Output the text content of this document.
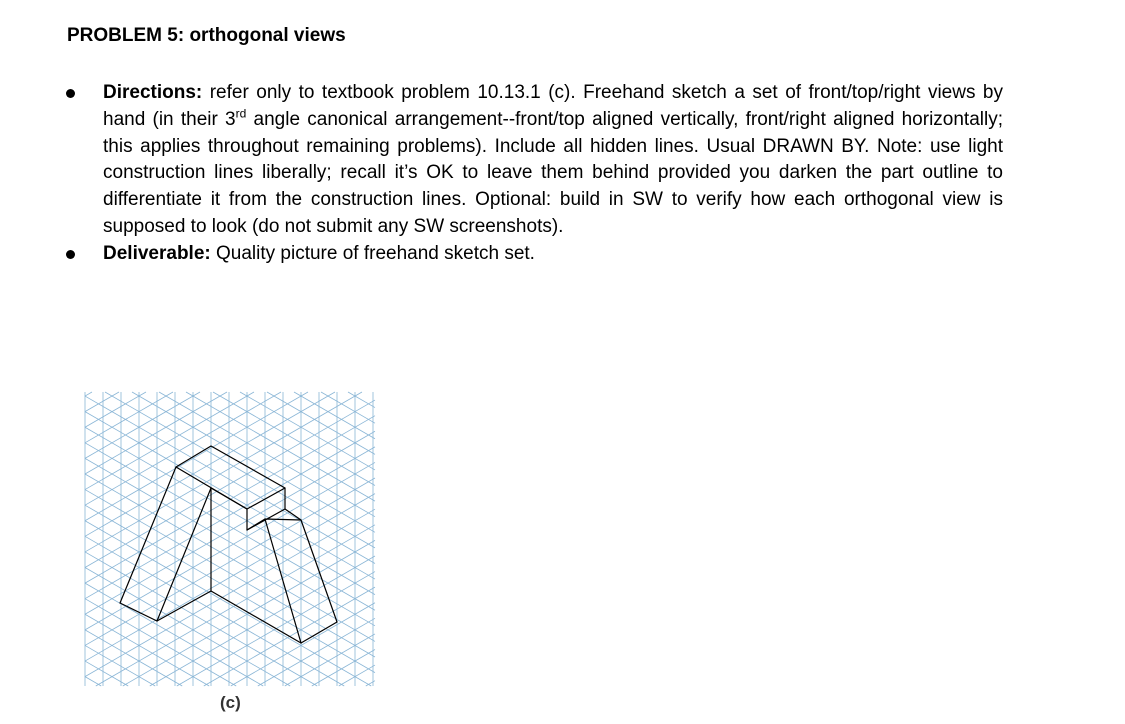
PROBLEM 5: orthogonal views
Directions: refer only to textbook problem 10.13.1 (c). Freehand sketch a set of front/top/right views by hand (in their 3rd angle canonical arrangement--front/top aligned vertically, front/right aligned horizontally; this applies throughout remaining problems). Include all hidden lines. Usual DRAWN BY. Note: use light construction lines liberally; recall it’s OK to leave them behind provided you darken the part outline to differentiate it from the construction lines. Optional: build in SW to verify how each orthogonal view is supposed to look (do not submit any SW screenshots).
Deliverable: Quality picture of freehand sketch set.
(c)
